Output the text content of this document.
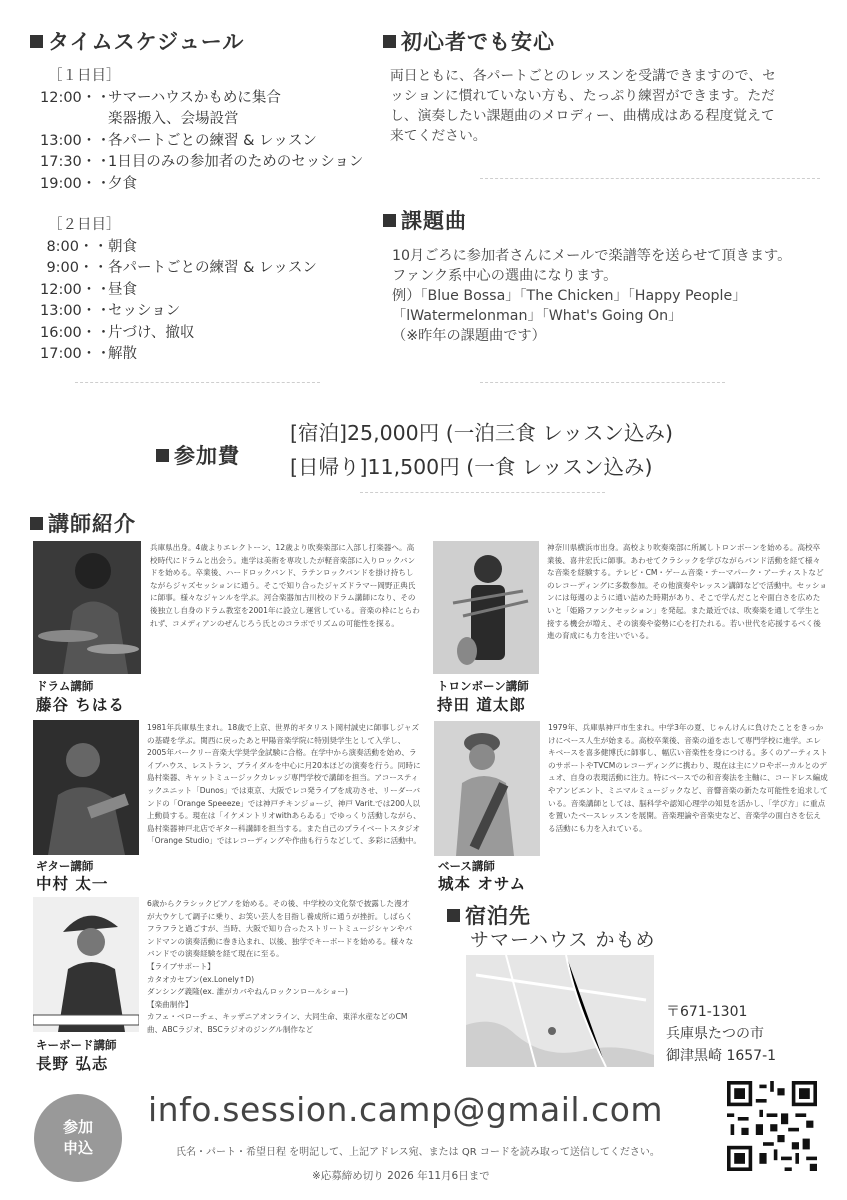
タイムスケジュール
［１日目］
12:00・・サマーハウスかもめに集合
楽器搬入、会場設営
13:00・・各パートごとの練習 & レッスン
17:30・・1日目のみの参加者のためのセッション
19:00・・夕食
［２日目］
8:00・・朝食
9:00・・各パートごとの練習 & レッスン
12:00・・昼食
13:00・・セッション
16:00・・片づけ、撤収
17:00・・解散
初心者でも安心
両日ともに、各パートごとのレッスンを受講できますので、セ
ッションに慣れていない方も、たっぷり練習ができます。ただ
し、演奏したい課題曲のメロディー、曲構成はある程度覚えて
来てください。
課題曲
10月ごろに参加者さんにメールで楽譜等を送らせて頂きます。
ファンク系中心の選曲になります。
例）「Blue Bossa」「The Chicken」「Happy People」
「lWatermelonman」「What's Going On」
（※昨年の課題曲です）
参加費
[宿泊]25,000円 (一泊三食 レッスン込み)
[日帰り]11,500円 (一食 レッスン込み)
講師紹介
兵庫県出身。4歳よりエレクトーン、12歳より吹奏楽部に入部し打楽器へ。高校時代にドラムと出会う。進学は美術を専攻したが軽音楽部に入りロックバンドを始める。卒業後、ハードロックバンド、ラテンロックバンドを掛け持ちしながらジャズセッションに通う。そこで知り合ったジャズドラマー岡野正典氏に師事。様々なジャンルを学ぶ。河合楽器加古川校のドラム講師になり、その後独立し自身のドラム教室を2001年に設立し運営している。音楽の枠にとらわれず、コメディアンのぜんじろう氏とのコラボでリズムの可能性を探る。
ドラム講師
藤谷 ちはる
神奈川県横浜市出身。高校より吹奏楽部に所属しトロンボーンを始める。高校卒業後、喜井宏氏に師事。あわせてクラシックを学びながらバンド活動を経て様々な音楽を経験する。テレビ・CM・ゲーム音楽・テーマパーク・アーティストなどのレコーディングに多数参加。その他演奏やレッスン講師などで活動中。セッションには毎週のように通い詰めた時期があり、そこで学んだことや面白さを広めたいと「姫路ファンクセッション」を発起。また最近では、吹奏楽を通して学生と接する機会が増え、その演奏や姿勢に心を打たれる。若い世代を応援するべく後進の育成にも力を注いでいる。
トロンボーン講師
持田 道太郎
1981年兵庫県生まれ。18歳で上京、世界的ギタリスト岡村誠史に師事しジャズの基礎を学ぶ。関西に戻ったあと甲陽音楽学院に特別奨学生として入学し、2005年バークリー音楽大学奨学金試験に合格。在学中から演奏活動を始め、ライブハウス、レストラン、ブライダルを中心に月20本ほどの演奏を行う。同時に島村楽器、キャットミュージックカレッジ専門学校で講師を担当。アコースティックユニット「Dunos」では東京、大阪でレコ発ライブを成功させ、リーダーバンドの「Orange Speeeze」では神戸チキンジョージ、神戸 Varit.では200人以上動員する。現在は「イケメントリオwithあらゐる」でゆっくり活動しながら、島村楽器神戸北店でギター科講師を担当する。また自己のプライベートスタジオ「Orange Studio」ではレコーディングや作曲も行うなどして、多彩に活動中。
ギター講師
中村 太一
1979年、兵庫県神戸市生まれ。中学3年の夏、じゃんけんに負けたことをきっかけにベース人生が始まる。高校卒業後、音楽の道を志して専門学校に進学。エレキベースを喜多健博氏に師事し、幅広い音楽性を身につける。多くのアーティストのサポートやTVCMのレコーディングに携わり、現在は主にソロやボーカルとのデュオ、自身の表現活動に注力。特にベースでの和音奏法を主軸に、コードレス編成やアンビエント、ミニマルミュージックなど、音響音楽の新たな可能性を追求している。音楽講師としては、脳科学や認知心理学の知見を活かし、「学び方」に重点を置いたベースレッスンを展開。音楽理論や音楽史など、音楽学の面白さを伝える活動にも力を入れている。
ベース講師
城本 オサム
6歳からクラシックピアノを始める。その後、中学校の文化祭で披露した漫才が大ウケして調子に乗り、お笑い芸人を目指し養成所に通うが挫折。しばらくフラフラと過ごすが、当時、大阪で知り合ったストリートミュージシャンやバンドマンの演奏活動に巻き込まれ、以後、独学でキーボードを始める。様々なバンドでの演奏経験を経て現在に至る。
【ライブサポート】
カタオカセブン(ex.Lonely↑D)
ダンシング義隆(ex. 誰がカバやねんロックンロールショー)
【楽曲制作】
カフェ・ベローチェ、キッザニアオンライン、大同生命、東洋水産などのCM曲、ABCラジオ、BSCラジオのジングル制作など
キーボード講師
長野 弘志
宿泊先
サマーハウス かもめ
〒671-1301
兵庫県たつの市
御津黒崎 1657-1
参加
申込
info.session.camp@gmail.com
氏名・パート・希望日程 を明記して、上記アドレス宛、または QR コードを読み取って送信してください。
※応募締め切り 2026 年11月6日まで
